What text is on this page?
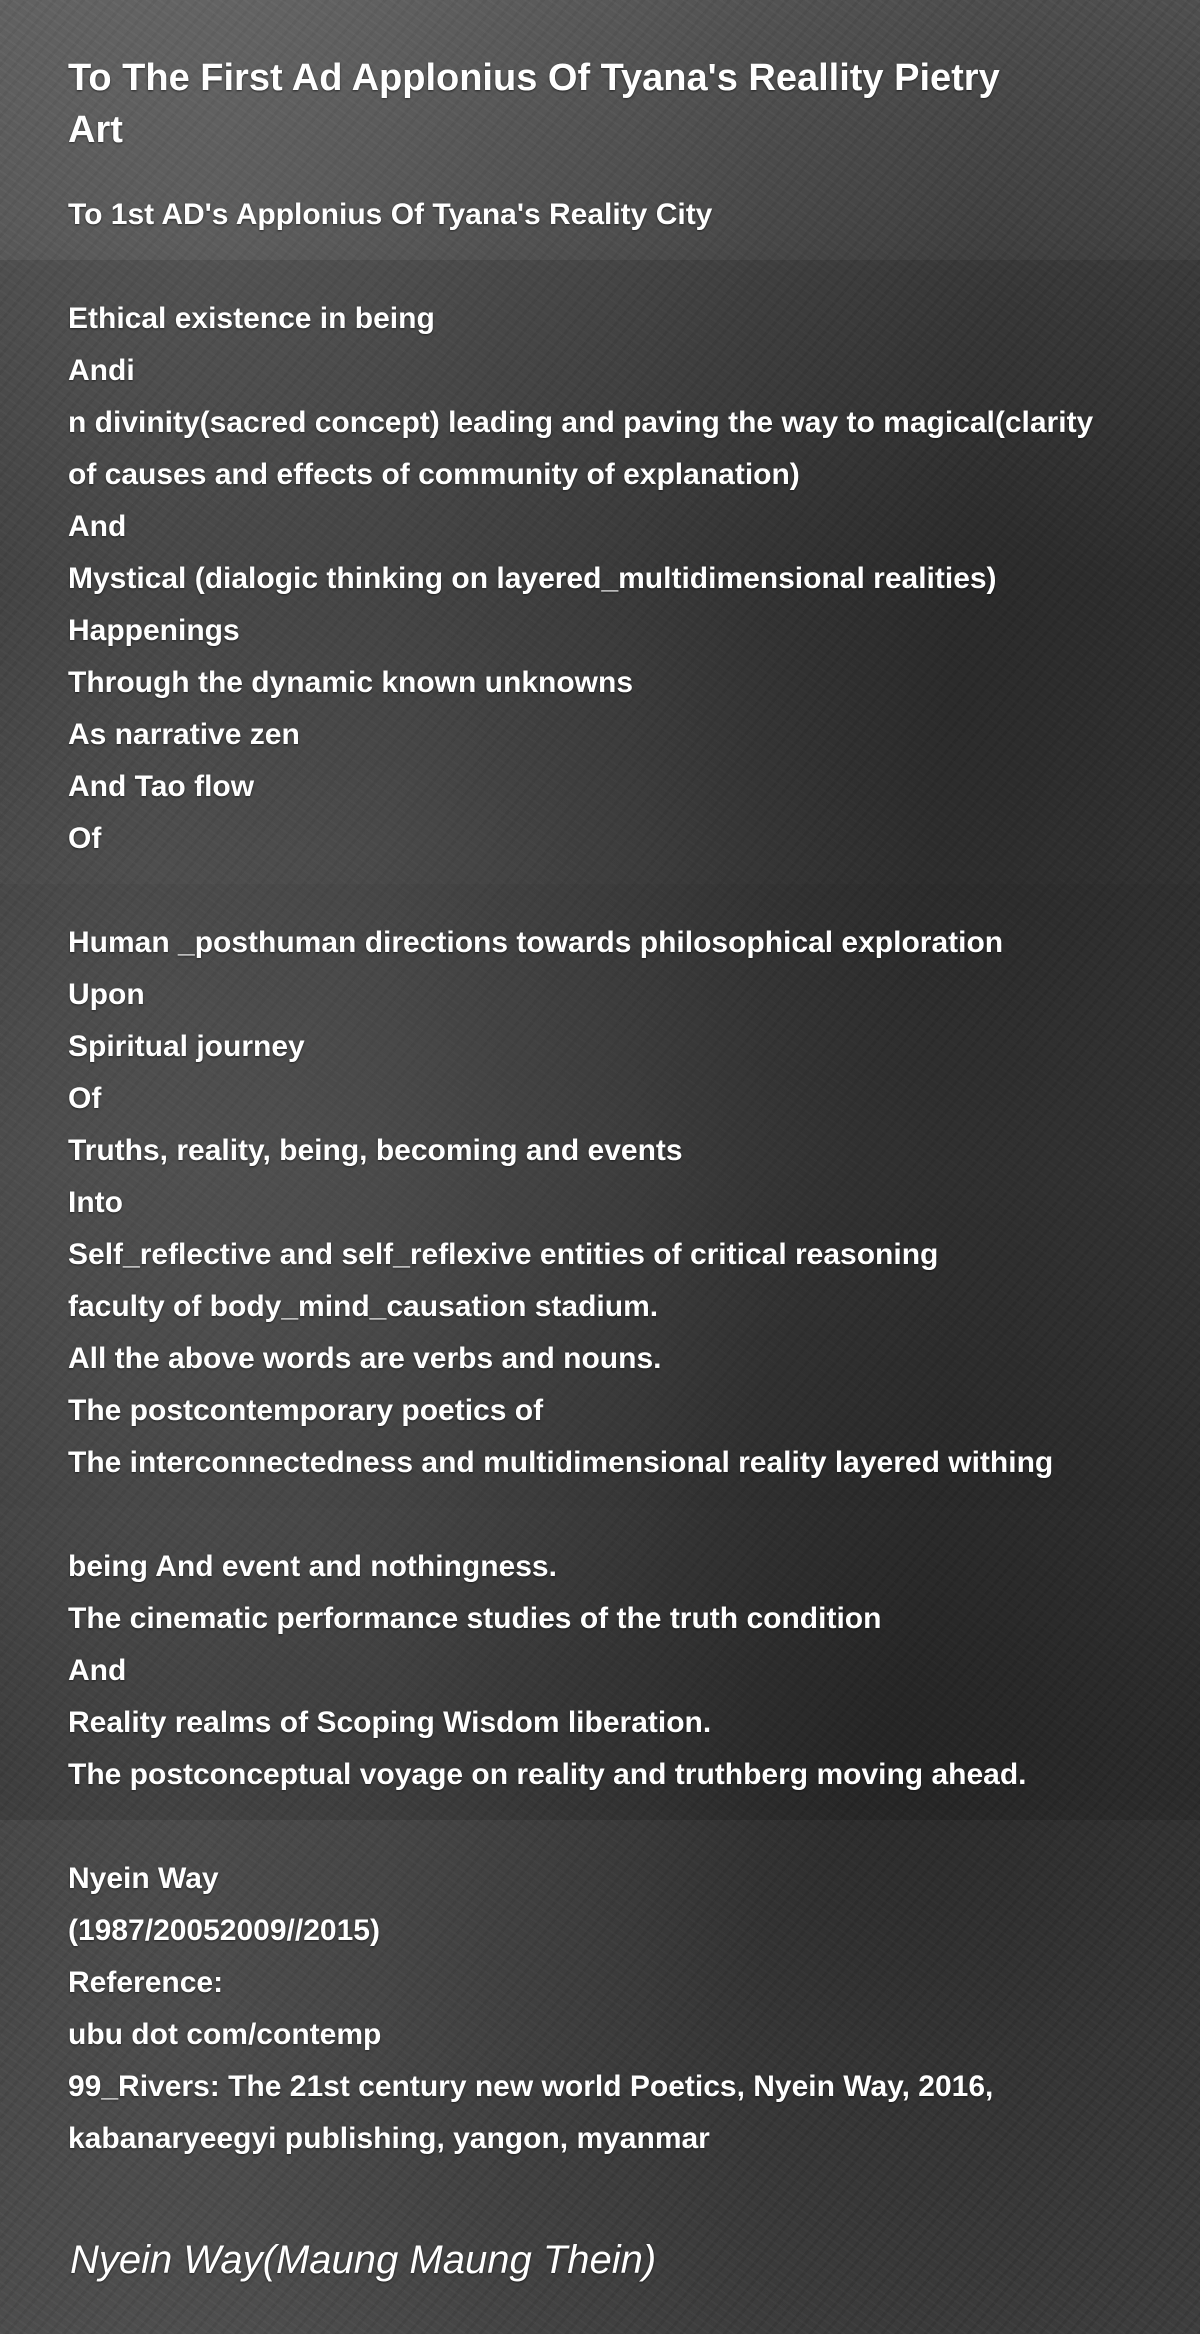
To The First Ad Applonius Of Tyana's Reallity Pietry Art
To 1st AD's Applonius Of Tyana's Reality City
Ethical existence in being
Andi
n divinity(sacred concept) leading and paving the way to magical(clarity
of causes and effects of community of explanation)
And
Mystical (dialogic thinking on layered_multidimensional realities)
Happenings
Through the dynamic known unknowns
As narrative zen
And Tao flow
Of
Human _posthuman directions towards philosophical exploration
Upon
Spiritual journey
Of
Truths, reality, being, becoming and events
Into
Self_reflective and self_reflexive entities of critical reasoning
faculty of body_mind_causation stadium.
All the above words are verbs and nouns.
The postcontemporary poetics of
The interconnectedness and multidimensional reality layered withing
being And event and nothingness.
The cinematic performance studies of the truth condition
And
Reality realms of Scoping Wisdom liberation.
The postconceptual voyage on reality and truthberg moving ahead.
Nyein Way
(1987/20052009//2015)
Reference:
ubu dot com/contemp
99_Rivers: The 21st century new world Poetics, Nyein Way, 2016,
kabanaryeegyi publishing, yangon, myanmar
Nyein Way(Maung Maung Thein)
